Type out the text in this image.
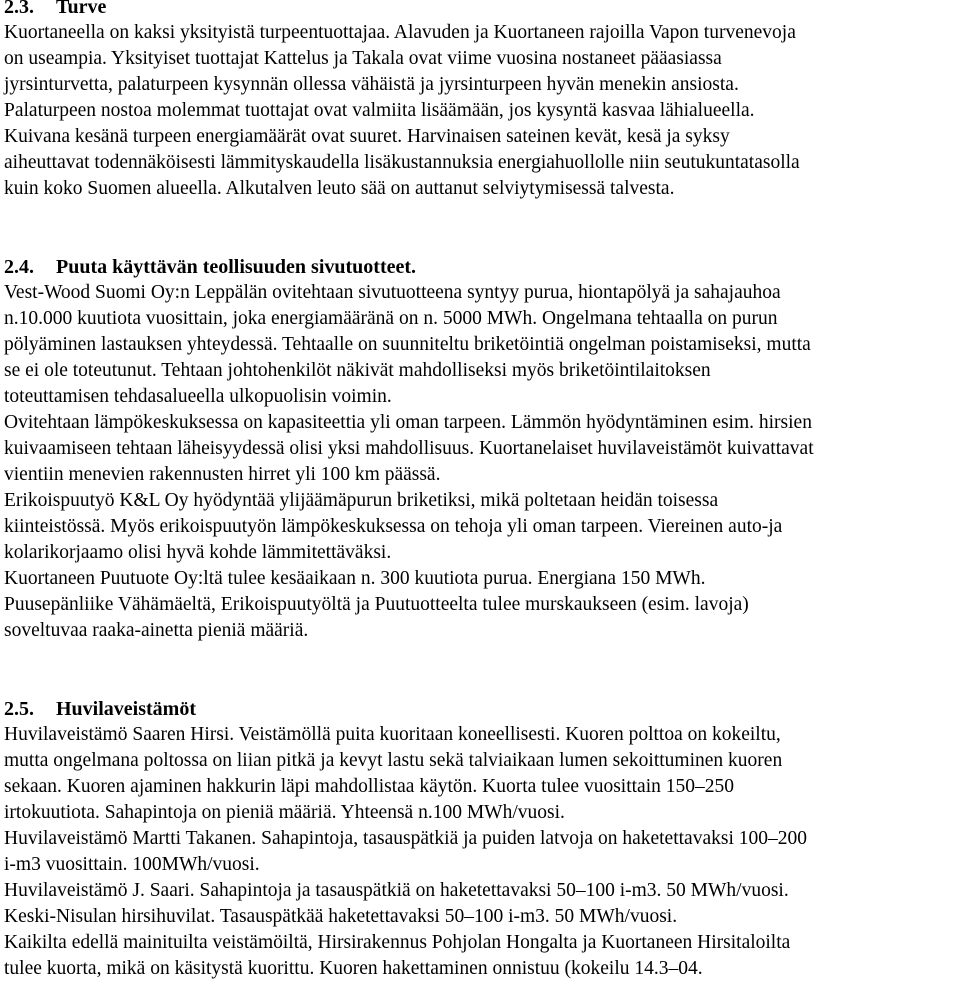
2.3. Turve
Kuortaneella on kaksi yksityistä turpeentuottajaa. Alavuden ja Kuortaneen rajoilla Vapon turvenevoja
on useampia. Yksityiset tuottajat Kattelus ja Takala ovat viime vuosina nostaneet pääasiassa
jyrsinturvetta, palaturpeen kysynnän ollessa vähäistä ja jyrsinturpeen hyvän menekin ansiosta.
Palaturpeen nostoa molemmat tuottajat ovat valmiita lisäämään, jos kysyntä kasvaa lähialueella.
Kuivana kesänä turpeen energiamäärät ovat suuret. Harvinaisen sateinen kevät, kesä ja syksy
aiheuttavat todennäköisesti lämmityskaudella lisäkustannuksia energiahuollolle niin seutukuntatasolla
kuin koko Suomen alueella. Alkutalven leuto sää on auttanut selviytymisessä talvesta.
2.4. Puuta käyttävän teollisuuden sivutuotteet.
Vest-Wood Suomi Oy:n Leppälän ovitehtaan sivutuotteena syntyy purua, hiontapölyä ja sahajauhoa
n.10.000 kuutiota vuosittain, joka energiamääränä on n. 5000 MWh. Ongelmana tehtaalla on purun
pölyäminen lastauksen yhteydessä. Tehtaalle on suunniteltu briketöintiä ongelman poistamiseksi, mutta
se ei ole toteutunut. Tehtaan johtohenkilöt näkivät mahdolliseksi myös briketöintilaitoksen
toteuttamisen tehdasalueella ulkopuolisin voimin.
Ovitehtaan lämpökeskuksessa on kapasiteettia yli oman tarpeen. Lämmön hyödyntäminen esim. hirsien
kuivaamiseen tehtaan läheisyydessä olisi yksi mahdollisuus. Kuortanelaiset huvilaveistämöt kuivattavat
vientiin menevien rakennusten hirret yli 100 km päässä.
Erikoispuutyö K&L Oy hyödyntää ylijäämäpurun briketiksi, mikä poltetaan heidän toisessa
kiinteistössä. Myös erikoispuutyön lämpökeskuksessa on tehoja yli oman tarpeen. Viereinen auto-ja
kolarikorjaamo olisi hyvä kohde lämmitettäväksi.
Kuortaneen Puutuote Oy:ltä tulee kesäaikaan n. 300 kuutiota purua. Energiana 150 MWh.
Puusepänliike Vähämäeltä, Erikoispuutyöltä ja Puutuotteelta tulee murskaukseen (esim. lavoja)
soveltuvaa raaka-ainetta pieniä määriä.
2.5. Huvilaveistämöt
Huvilaveistämö Saaren Hirsi. Veistämöllä puita kuoritaan koneellisesti. Kuoren polttoa on kokeiltu,
mutta ongelmana poltossa on liian pitkä ja kevyt lastu sekä talviaikaan lumen sekoittuminen kuoren
sekaan. Kuoren ajaminen hakkurin läpi mahdollistaa käytön. Kuorta tulee vuosittain 150–250
irtokuutiota. Sahapintoja on pieniä määriä. Yhteensä n.100 MWh/vuosi.
Huvilaveistämö Martti Takanen. Sahapintoja, tasauspätkiä ja puiden latvoja on haketettavaksi 100–200
i-m3 vuosittain. 100MWh/vuosi.
Huvilaveistämö J. Saari. Sahapintoja ja tasauspätkiä on haketettavaksi 50–100 i-m3. 50 MWh/vuosi.
Keski-Nisulan hirsihuvilat. Tasauspätkää haketettavaksi 50–100 i-m3. 50 MWh/vuosi.
Kaikilta edellä mainituilta veistämöiltä, Hirsirakennus Pohjolan Hongalta ja Kuortaneen Hirsitaloilta
tulee kuorta, mikä on käsitystä kuorittu. Kuoren hakettaminen onnistuu (kokeilu 14.3–04.
